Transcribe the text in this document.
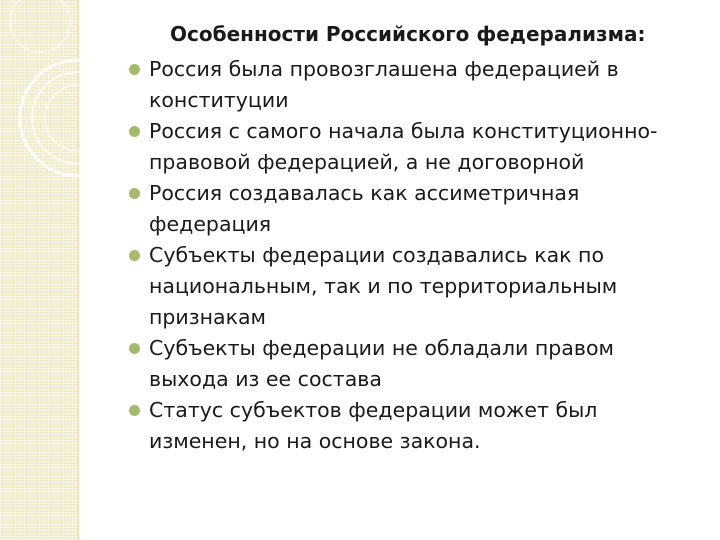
Особенности Российского федерализма:
Россия была провозглашена федерацией в конституции
Россия с самого начала была конституционно-правовой федерацией, а не договорной
Россия создавалась как ассиметричная федерация
Субъекты федерации создавались как по национальным, так и по территориальным признакам
Субъекты федерации не обладали правом выхода из ее состава
Статус субъектов федерации может был изменен, но на основе закона.
